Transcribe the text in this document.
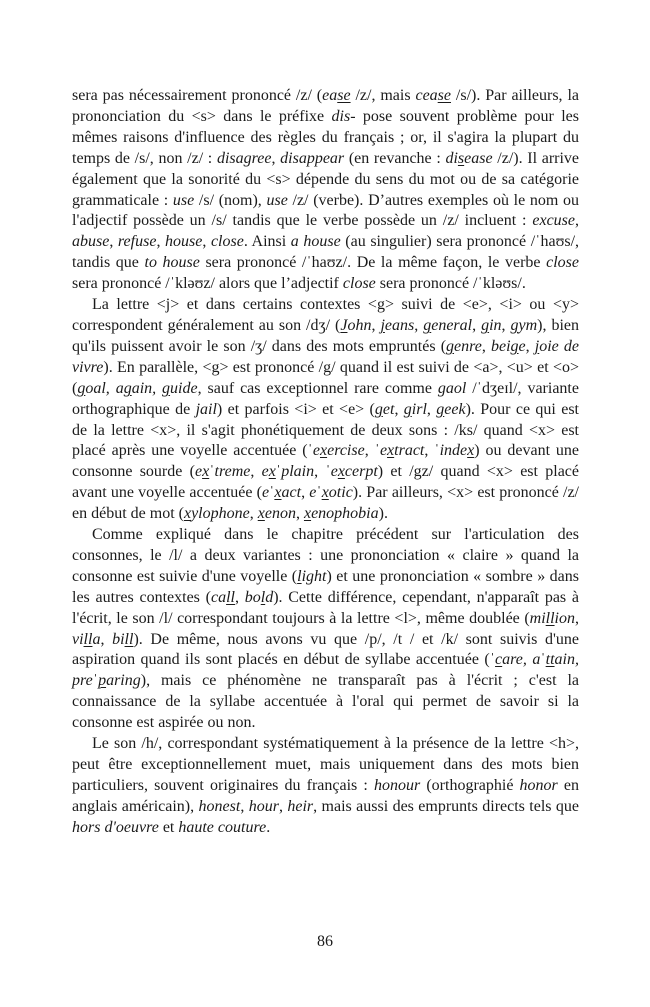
sera pas nécessairement prononcé /z/ (ease /z/, mais cease /s/). Par ailleurs, la prononciation du <s> dans le préfixe dis- pose souvent problème pour les mêmes raisons d'influence des règles du français ; or, il s'agira la plupart du temps de /s/, non /z/ : disagree, disappear (en revanche : disease /z/). Il arrive également que la sonorité du <s> dépende du sens du mot ou de sa catégorie grammaticale : use /s/ (nom), use /z/ (verbe). D’autres exemples où le nom ou l'adjectif possède un /s/ tandis que le verbe possède un /z/ incluent : excuse, abuse, refuse, house, close. Ainsi a house (au singulier) sera prononcé /ˈhaʊs/, tandis que to house sera prononcé /ˈhaʊz/. De la même façon, le verbe close sera prononcé /ˈkləʊz/ alors que l’adjectif close sera prononcé /ˈkləʊs/.

La lettre <j> et dans certains contextes <g> suivi de <e>, <i> ou <y> correspondent généralement au son /dʒ/ (John, jeans, general, gin, gym), bien qu'ils puissent avoir le son /ʒ/ dans des mots empruntés (genre, beige, joie de vivre). En parallèle, <g> est prononcé /g/ quand il est suivi de <a>, <u> et <o> (goal, again, guide, sauf cas exceptionnel rare comme gaol /ˈdʒeɪl/, variante orthographique de jail) et parfois <i> et <e> (get, girl, geek). Pour ce qui est de la lettre <x>, il s'agit phonétiquement de deux sons : /ks/ quand <x> est placé après une voyelle accentuée (ˈexercise, ˈextract, ˈindex) ou devant une consonne sourde (exˈtreme, exˈplain, ˈexcerpt) et /gz/ quand <x> est placé avant une voyelle accentuée (eˈxact, eˈxotic). Par ailleurs, <x> est prononcé /z/ en début de mot (xylophone, xenon, xenophobia).

Comme expliqué dans le chapitre précédent sur l'articulation des consonnes, le /l/ a deux variantes : une prononciation « claire » quand la consonne est suivie d'une voyelle (light) et une prononciation « sombre » dans les autres contextes (call, bold). Cette différence, cependant, n'apparaît pas à l'écrit, le son /l/ correspondant toujours à la lettre <l>, même doublée (million, villa, bill). De même, nous avons vu que /p/, /t / et /k/ sont suivis d'une aspiration quand ils sont placés en début de syllabe accentuée (ˈcare, aˈttain, preˈparing), mais ce phénomène ne transparaît pas à l'écrit ; c'est la connaissance de la syllabe accentuée à l'oral qui permet de savoir si la consonne est aspirée ou non.

Le son /h/, correspondant systématiquement à la présence de la lettre <h>, peut être exceptionnellement muet, mais uniquement dans des mots bien particuliers, souvent originaires du français : honour (orthographié honor en anglais américain), honest, hour, heir, mais aussi des emprunts directs tels que hors d'oeuvre et haute couture.

86
